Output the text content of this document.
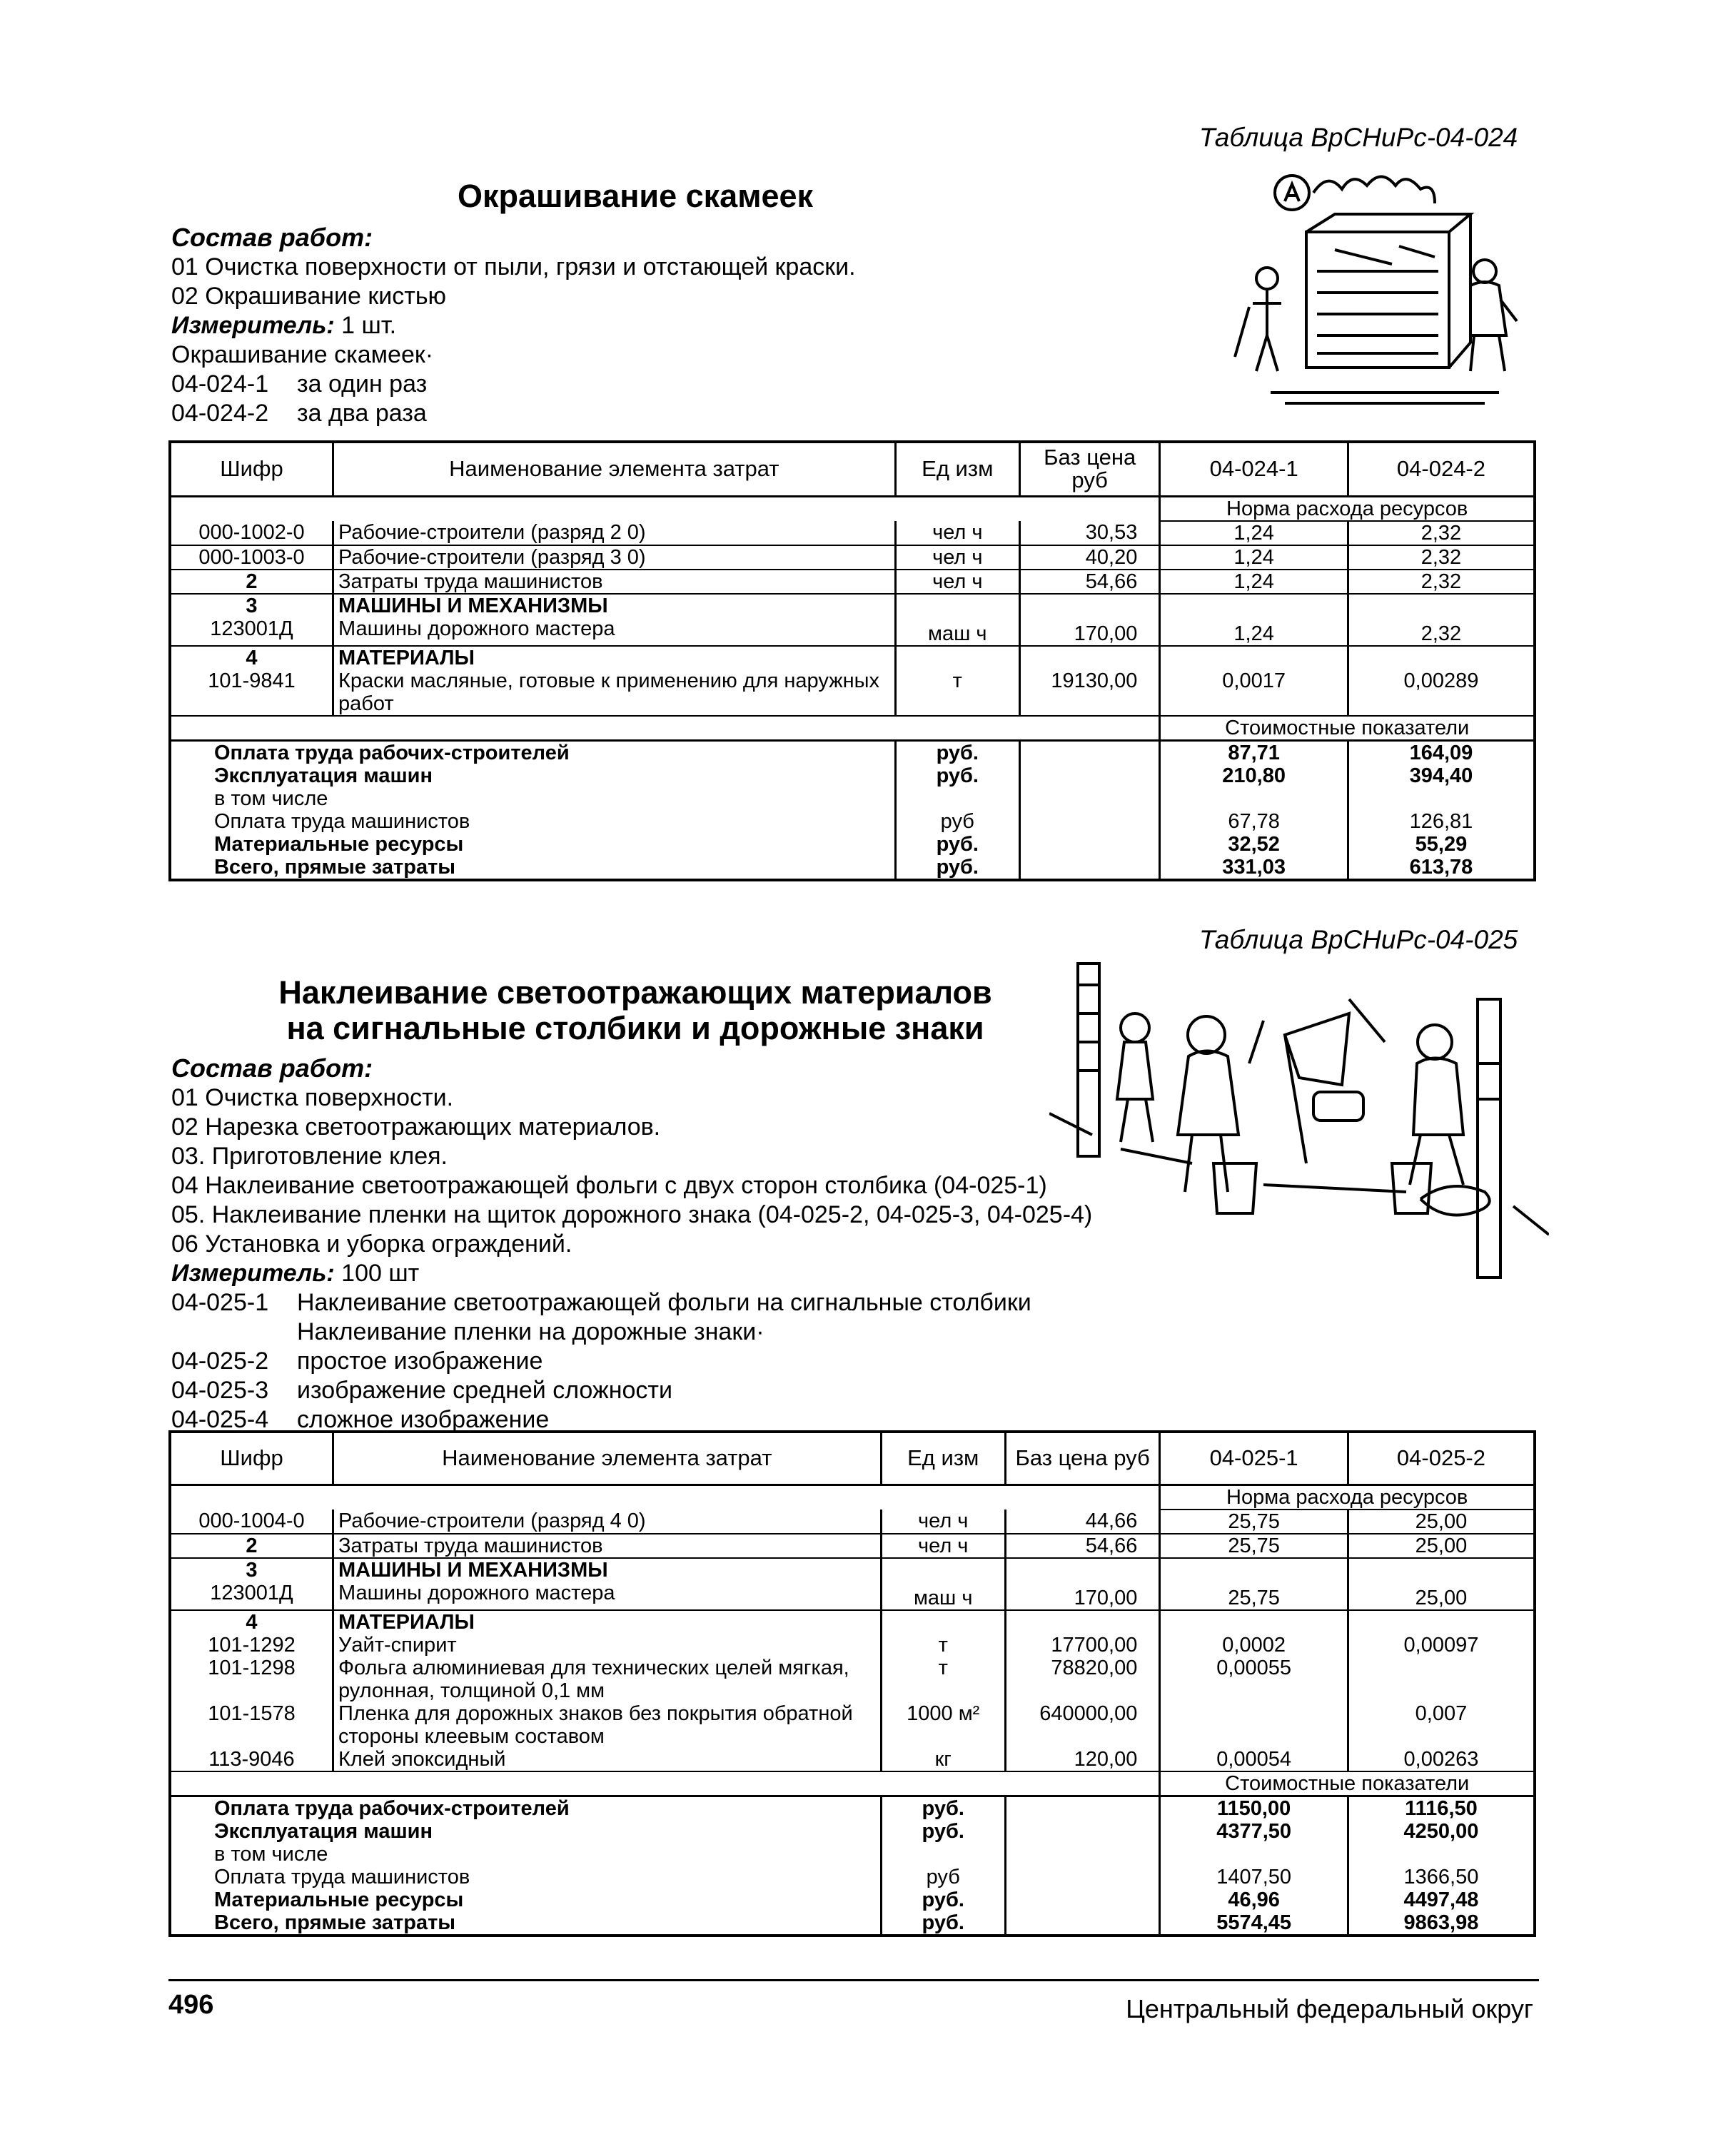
Таблица ВрСНиРс-04-024
Окрашивание скамеек
Состав работ:
01 Очистка поверхности от пыли, грязи и отстающей краски.
02 Окрашивание кистью
Измеритель: 1 шт.
Окрашивание скамеек·
04-024-1 за один раз
04-024-2 за два раза
Шифр	Наименование элемента затрат	Ед изм	Баз цена руб	04-024-1	04-024-2
				Норма расхода ресурсов	
000-1002-0	Рабочие-строители (разряд 2 0)	чел ч	30,53	1,24	2,32
000-1003-0	Рабочие-строители (разряд 3 0)	чел ч	40,20	1,24	2,32
2	Затраты труда машинистов	чел ч	54,66	1,24	2,32
3	МАШИНЫ И МЕХАНИЗМЫ				
123001Д	Машины дорожного мастера	маш ч	170,00	1,24	2,32
4	МАТЕРИАЛЫ				
101-9841	Краски масляные, готовые к применению для наружных работ	т	19130,00	0,0017	0,00289
				Стоимостные показатели	
Оплата труда рабочих-строителей		руб.		87,71	164,09
Эксплуатация машин		руб.		210,80	394,40
в том числе					
Оплата труда машинистов		руб		67,78	126,81
Материальные ресурсы		руб.		32,52	55,29
Всего, прямые затраты		руб.		331,03	613,78
Таблица ВрСНиРс-04-025
Наклеивание светоотражающих материалов
на сигнальные столбики и дорожные знаки
Состав работ:
01 Очистка поверхности.
02 Нарезка светоотражающих материалов.
03. Приготовление клея.
04 Наклеивание светоотражающей фольги с двух сторон столбика (04-025-1)
05. Наклеивание пленки на щиток дорожного знака (04-025-2, 04-025-3, 04-025-4)
06 Установка и уборка ограждений.
Измеритель: 100 шт
04-025-1 Наклеивание светоотражающей фольги на сигнальные столбики
Наклеивание пленки на дорожные знаки·
04-025-2 простое изображение
04-025-3 изображение средней сложности
04-025-4 сложное изображение
Шифр	Наименование элемента затрат	Ед изм	Баз цена руб	04-025-1	04-025-2
				Норма расхода ресурсов	
000-1004-0	Рабочие-строители (разряд 4 0)	чел ч	44,66	25,75	25,00
2	Затраты труда машинистов	чел ч	54,66	25,75	25,00
3	МАШИНЫ И МЕХАНИЗМЫ				
123001Д	Машины дорожного мастера	маш ч	170,00	25,75	25,00
4	МАТЕРИАЛЫ				
101-1292	Уайт-спирит	т	17700,00	0,0002	0,00097
101-1298	Фольга алюминиевая для технических целей мягкая, рулонная, толщиной 0,1 мм	т	78820,00	0,00055	
101-1578	Пленка для дорожных знаков без покрытия обратной стороны клеевым составом	1000 м²	640000,00		0,007
113-9046	Клей эпоксидный	кг	120,00	0,00054	0,00263
				Стоимостные показатели	
Оплата труда рабочих-строителей		руб.		1150,00	1116,50
Эксплуатация машин		руб.		4377,50	4250,00
в том числе					
Оплата труда машинистов		руб		1407,50	1366,50
Материальные ресурсы		руб.		46,96	4497,48
Всего, прямые затраты		руб.		5574,45	9863,98
496	Центральный федеральный округ
